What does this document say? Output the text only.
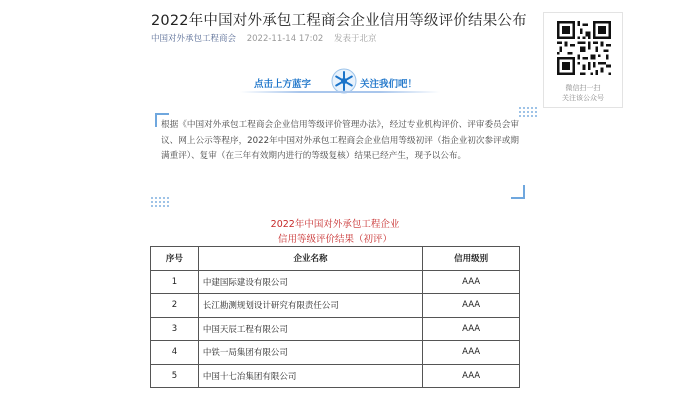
2022年中国对外承包工程商会企业信用等级评价结果公布
中国对外承包工程商会 2022-11-14 17:02 发表于北京
微信扫一扫
关注该公众号
点击上方蓝字	关注我们吧！

根据《中国对外承包工程商会企业信用等级评价管理办法》，经过专业机构评价、评审委员会审议、网上公示等程序，2022年中国对外承包工程商会企业信用等级初评（指企业初次参评或期满重评）、复审（在三年有效期内进行的等级复核）结果已经产生，现予以公布。

2022年中国对外承包工程企业
信用等级评价结果（初评）
序号	企业名称	信用级别
1	中建国际建设有限公司	AAA
2	长江勘测规划设计研究有限责任公司	AAA
3	中国天辰工程有限公司	AAA
4	中铁一局集团有限公司	AAA
5	中国十七冶集团有限公司	AAA
